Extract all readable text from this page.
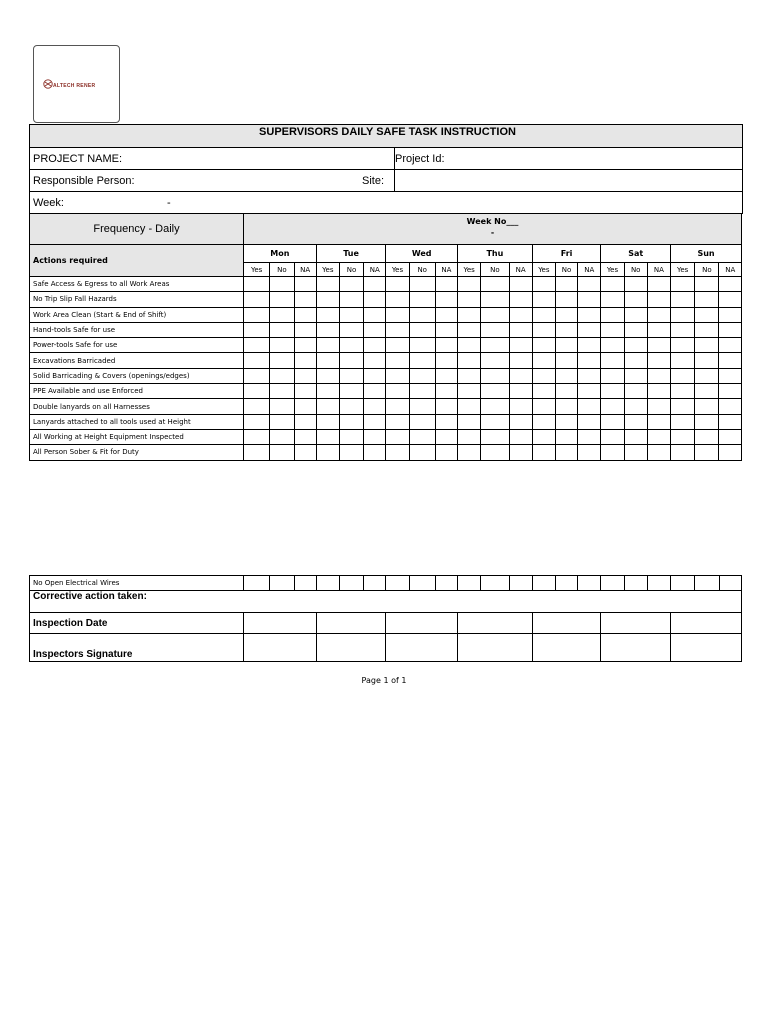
ALTECH RENER
SUPERVISORS DAILY SAFE TASK INSTRUCTION	
PROJECT NAME:	Project Id:
Responsible Person:	Site:
Week: -	
Frequency - Daily	Week No___
-																				

Actions required	Mon			Tue			Wed			Thu			Fri			Sat			Sun		
	Yes	No	NA	Yes	No	NA	Yes	No	NA	Yes	No	NA	Yes	No	NA	Yes	No	NA	Yes	No	NA
Safe Access & Egress to all Work Areas																					
No Trip Slip Fall Hazards																					
Work Area Clean (Start & End of Shift)																					
Hand-tools Safe for use																					
Power-tools Safe for use																					
Excavations Barricaded																					
Solid Barricading & Covers (openings/edges)																					
PPE Available and use Enforced																					
Double lanyards on all Harnesses																					
Lanyards attached to all tools used at Height																					
All Working at Height Equipment Inspected																					
All Person Sober & Fit for Duty																					
No Open Electrical Wires																					
Corrective action taken:																					
Inspection Date																					
Inspectors Signature																					
Page 1 of 1
